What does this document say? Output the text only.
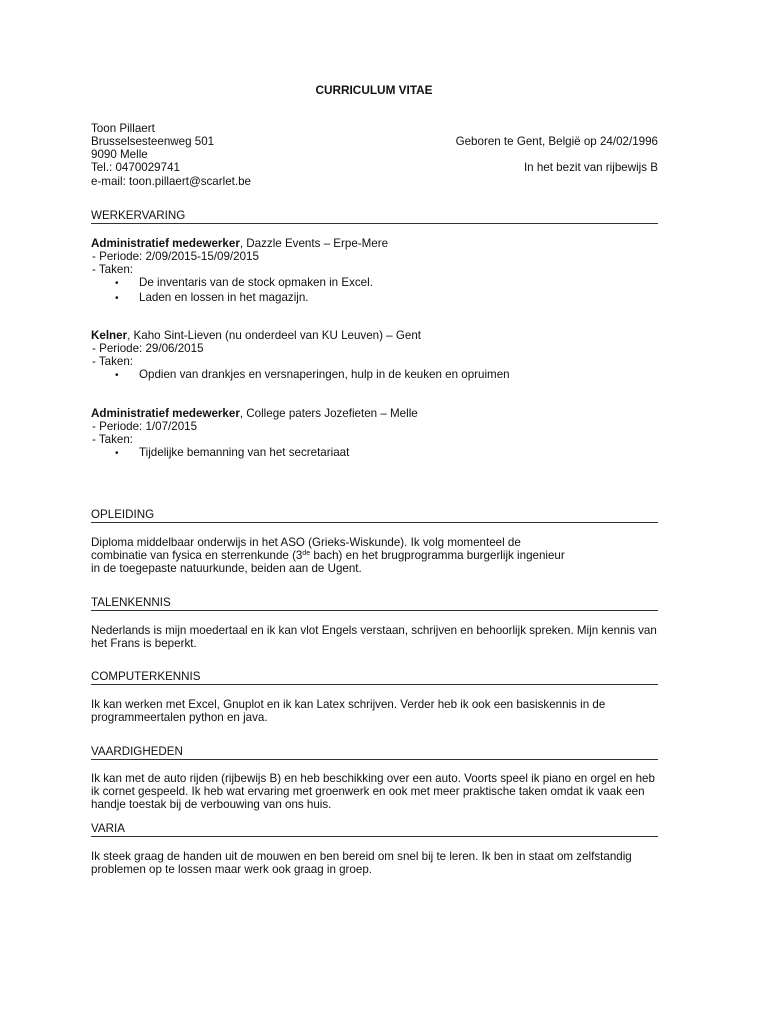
CURRICULUM VITAE
Toon Pillaert
Brusselsesteenweg 501
9090 Melle
Tel.: 0470029741
e-mail: toon.pillaert@scarlet.be
Geboren te Gent, België op 24/02/1996
In het bezit van rijbewijs B
WERKERVARING
Administratief medewerker, Dazzle Events – Erpe-Mere
- Periode: 2/09/2015-15/09/2015
- Taken:
• De inventaris van de stock opmaken in Excel.
• Laden en lossen in het magazijn.
Kelner, Kaho Sint-Lieven (nu onderdeel van KU Leuven) – Gent
- Periode: 29/06/2015
- Taken:
• Opdien van drankjes en versnaperingen, hulp in de keuken en opruimen
Administratief medewerker, College paters Jozefieten – Melle
- Periode: 1/07/2015
- Taken:
• Tijdelijke bemanning van het secretariaat
OPLEIDING
Diploma middelbaar onderwijs in het ASO (Grieks-Wiskunde). Ik volg momenteel de
combinatie van fysica en sterrenkunde (3de bach) en het brugprogramma burgerlijk ingenieur
in de toegepaste natuurkunde, beiden aan de Ugent.
TALENKENNIS
Nederlands is mijn moedertaal en ik kan vlot Engels verstaan, schrijven en behoorlijk spreken. Mijn kennis van het Frans is beperkt.
COMPUTERKENNIS
Ik kan werken met Excel, Gnuplot en ik kan Latex schrijven. Verder heb ik ook een basiskennis in de programmeertalen python en java.
VAARDIGHEDEN
Ik kan met de auto rijden (rijbewijs B) en heb beschikking over een auto. Voorts speel ik piano en orgel en heb ik cornet gespeeld. Ik heb wat ervaring met groenwerk en ook met meer praktische taken omdat ik vaak een handje toestak bij de verbouwing van ons huis.
VARIA
Ik steek graag de handen uit de mouwen en ben bereid om snel bij te leren. Ik ben in staat om zelfstandig problemen op te lossen maar werk ook graag in groep.
